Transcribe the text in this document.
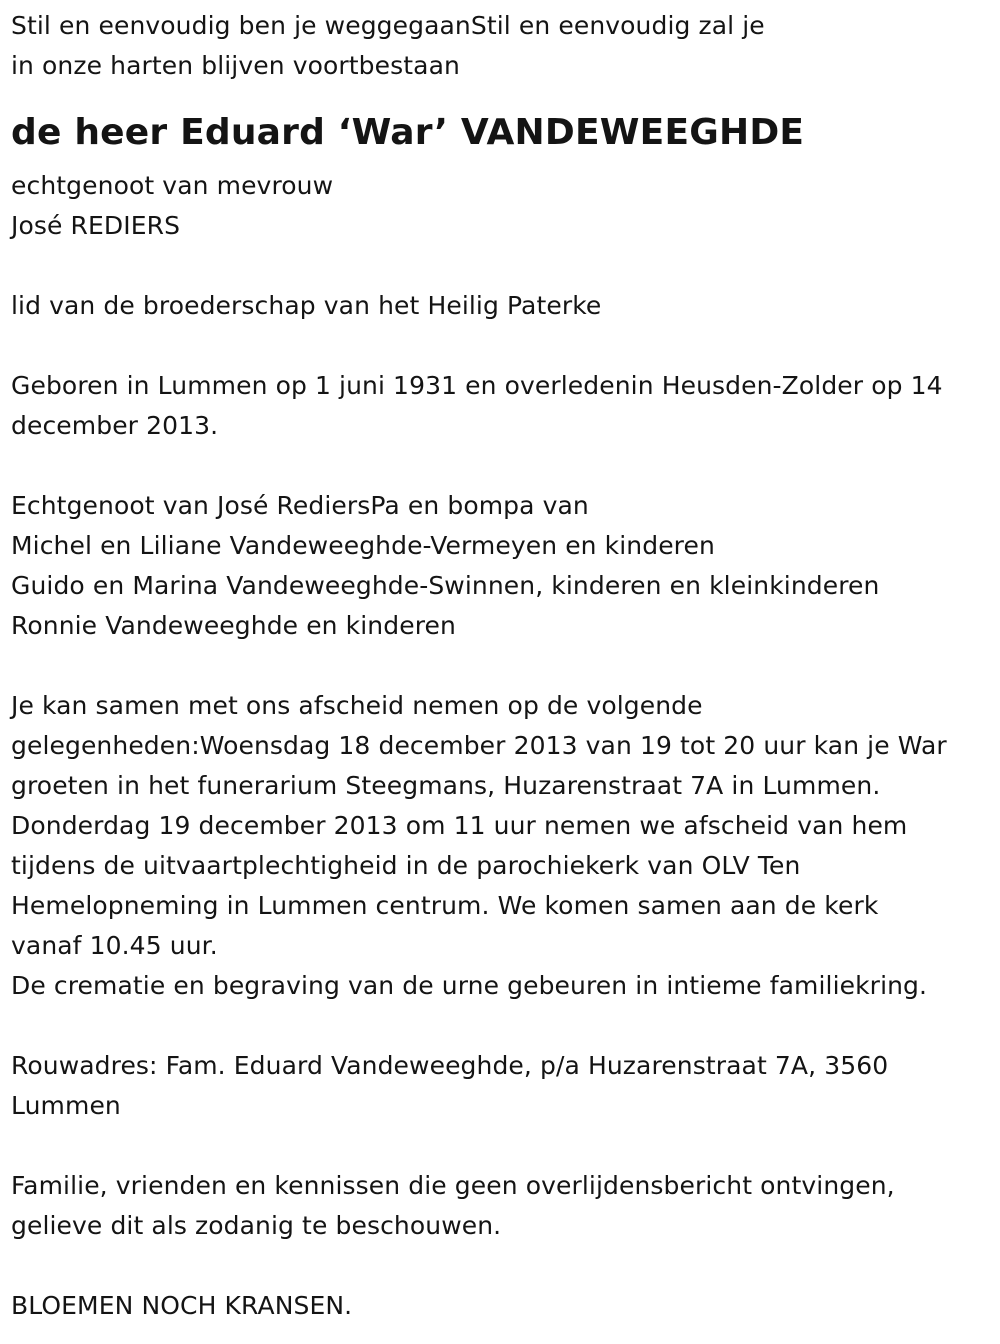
Stil en eenvoudig ben je weggegaanStil en eenvoudig zal je
in onze harten blijven voortbestaan
de heer Eduard ‘War’ VANDEWEEGHDE
echtgenoot van mevrouw
José REDIERS
lid van de broederschap van het Heilig Paterke
Geboren in Lummen op 1 juni 1931 en overledenin Heusden-Zolder op 14
december 2013.
Echtgenoot van José RediersPa en bompa van
Michel en Liliane Vandeweeghde-Vermeyen en kinderen
Guido en Marina Vandeweeghde-Swinnen, kinderen en kleinkinderen
Ronnie Vandeweeghde en kinderen
Je kan samen met ons afscheid nemen op de volgende
gelegenheden:Woensdag 18 december 2013 van 19 tot 20 uur kan je War
groeten in het funerarium Steegmans, Huzarenstraat 7A in Lummen.
Donderdag 19 december 2013 om 11 uur nemen we afscheid van hem
tijdens de uitvaartplechtigheid in de parochiekerk van OLV Ten
Hemelopneming in Lummen centrum. We komen samen aan de kerk
vanaf 10.45 uur.
De crematie en begraving van de urne gebeuren in intieme familiekring.
Rouwadres: Fam. Eduard Vandeweeghde, p/a Huzarenstraat 7A, 3560
Lummen
Familie, vrienden en kennissen die geen overlijdensbericht ontvingen,
gelieve dit als zodanig te beschouwen.
BLOEMEN NOCH KRANSEN.
